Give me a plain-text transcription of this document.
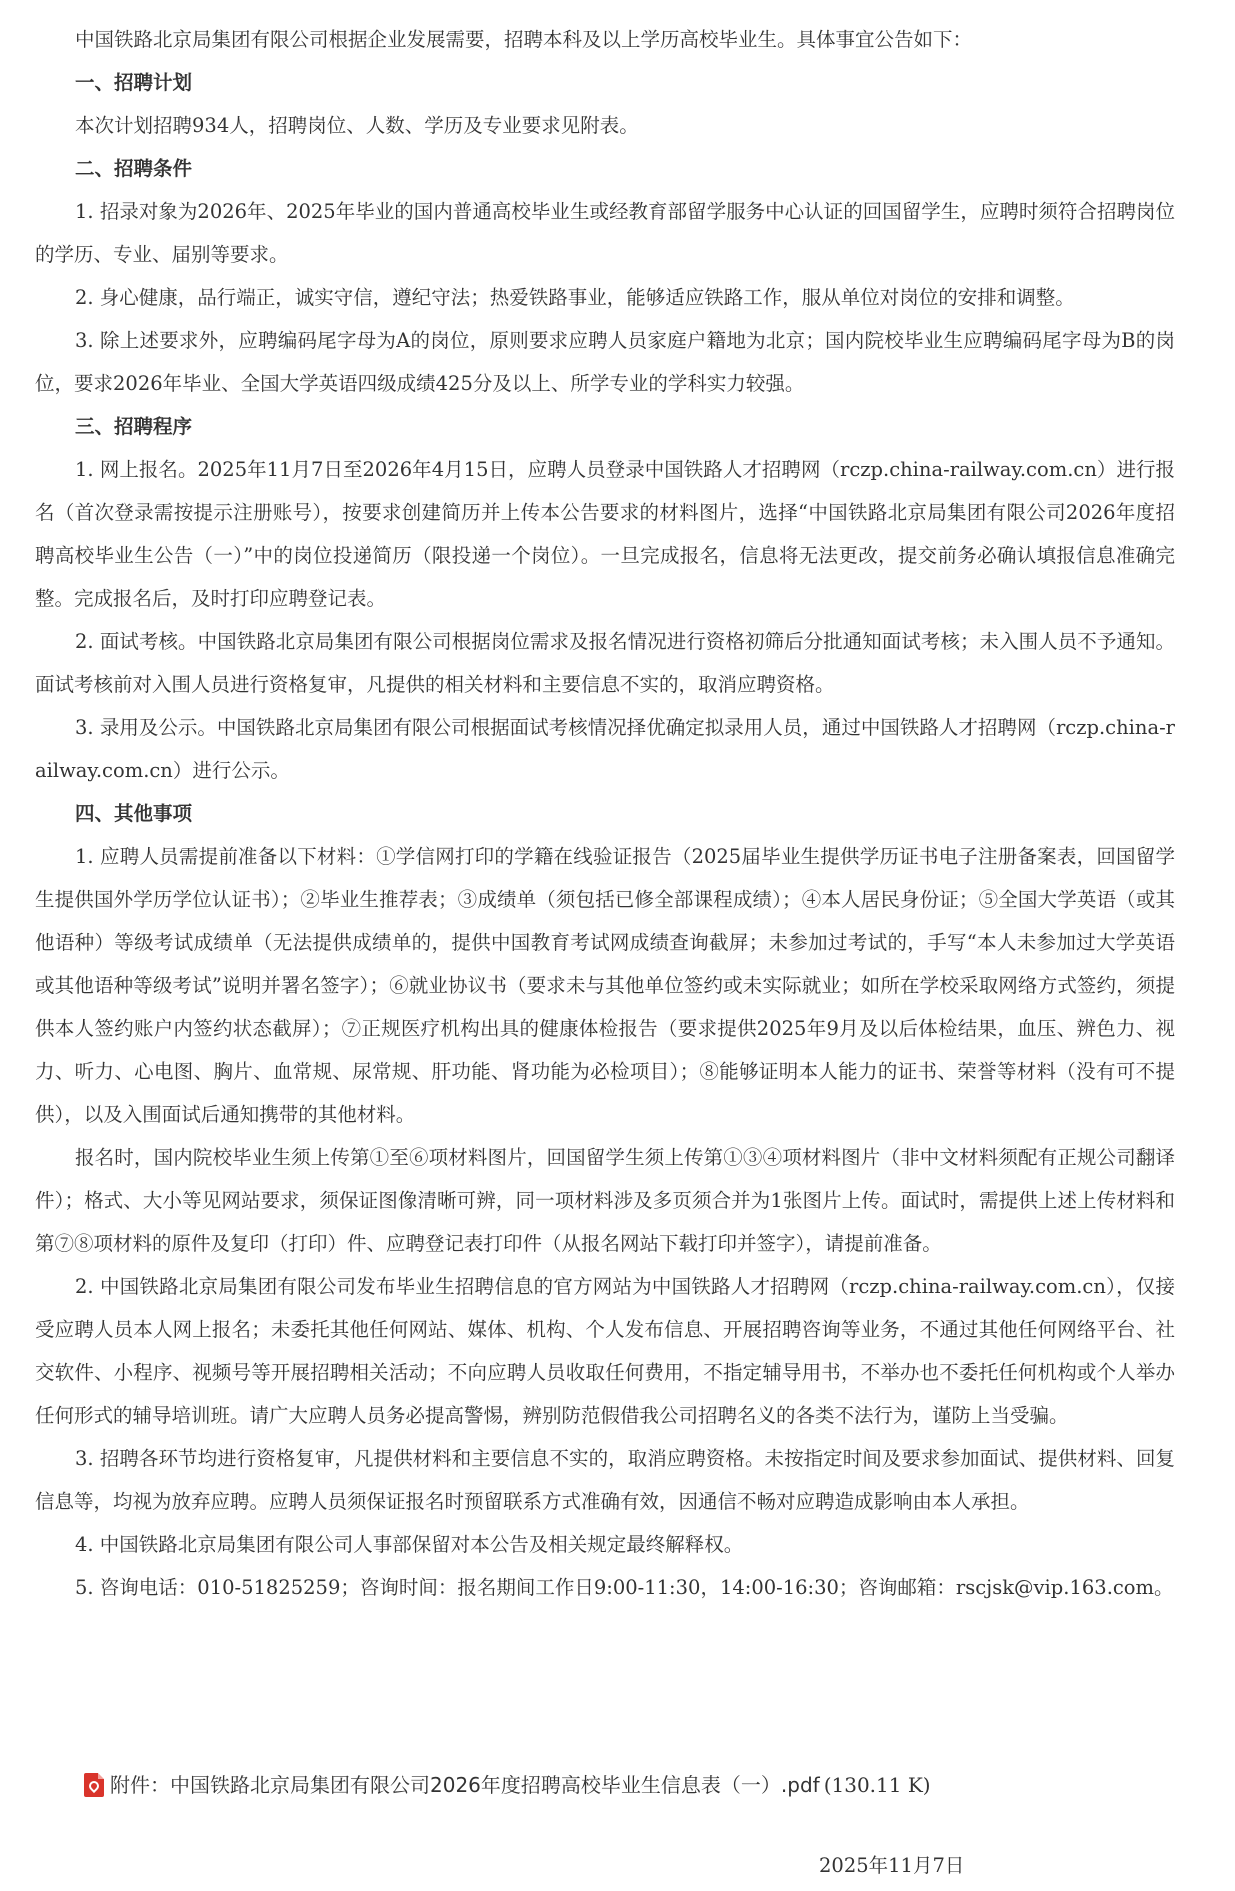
中国铁路北京局集团有限公司根据企业发展需要，招聘本科及以上学历高校毕业生。具体事宜公告如下：

一、招聘计划

本次计划招聘934人，招聘岗位、人数、学历及专业要求见附表。

二、招聘条件

1. 招录对象为2026年、2025年毕业的国内普通高校毕业生或经教育部留学服务中心认证的回国留学生，应聘时须符合招聘岗位的学历、专业、届别等要求。

2. 身心健康，品行端正，诚实守信，遵纪守法；热爱铁路事业，能够适应铁路工作，服从单位对岗位的安排和调整。

3. 除上述要求外，应聘编码尾字母为A的岗位，原则要求应聘人员家庭户籍地为北京；国内院校毕业生应聘编码尾字母为B的岗位，要求2026年毕业、全国大学英语四级成绩425分及以上、所学专业的学科实力较强。

三、招聘程序

1. 网上报名。2025年11月7日至2026年4月15日，应聘人员登录中国铁路人才招聘网（rczp.china-railway.com.cn）进行报名（首次登录需按提示注册账号），按要求创建简历并上传本公告要求的材料图片，选择“中国铁路北京局集团有限公司2026年度招聘高校毕业生公告（一）”中的岗位投递简历（限投递一个岗位）。一旦完成报名，信息将无法更改，提交前务必确认填报信息准确完整。完成报名后，及时打印应聘登记表。

2. 面试考核。中国铁路北京局集团有限公司根据岗位需求及报名情况进行资格初筛后分批通知面试考核；未入围人员不予通知。面试考核前对入围人员进行资格复审，凡提供的相关材料和主要信息不实的，取消应聘资格。

3. 录用及公示。中国铁路北京局集团有限公司根据面试考核情况择优确定拟录用人员，通过中国铁路人才招聘网（rczp.china-railway.com.cn）进行公示。

四、其他事项

1. 应聘人员需提前准备以下材料：①学信网打印的学籍在线验证报告（2025届毕业生提供学历证书电子注册备案表，回国留学生提供国外学历学位认证书）；②毕业生推荐表；③成绩单（须包括已修全部课程成绩）；④本人居民身份证；⑤全国大学英语（或其他语种）等级考试成绩单（无法提供成绩单的，提供中国教育考试网成绩查询截屏；未参加过考试的，手写“本人未参加过大学英语或其他语种等级考试”说明并署名签字）；⑥就业协议书（要求未与其他单位签约或未实际就业；如所在学校采取网络方式签约，须提供本人签约账户内签约状态截屏）；⑦正规医疗机构出具的健康体检报告（要求提供2025年9月及以后体检结果，血压、辨色力、视力、听力、心电图、胸片、血常规、尿常规、肝功能、肾功能为必检项目）；⑧能够证明本人能力的证书、荣誉等材料（没有可不提供），以及入围面试后通知携带的其他材料。

报名时，国内院校毕业生须上传第①至⑥项材料图片，回国留学生须上传第①③④项材料图片（非中文材料须配有正规公司翻译件）；格式、大小等见网站要求，须保证图像清晰可辨，同一项材料涉及多页须合并为1张图片上传。面试时，需提供上述上传材料和第⑦⑧项材料的原件及复印（打印）件、应聘登记表打印件（从报名网站下载打印并签字），请提前准备。

2. 中国铁路北京局集团有限公司发布毕业生招聘信息的官方网站为中国铁路人才招聘网（rczp.china-railway.com.cn），仅接受应聘人员本人网上报名；未委托其他任何网站、媒体、机构、个人发布信息、开展招聘咨询等业务，不通过其他任何网络平台、社交软件、小程序、视频号等开展招聘相关活动；不向应聘人员收取任何费用，不指定辅导用书，不举办也不委托任何机构或个人举办任何形式的辅导培训班。请广大应聘人员务必提高警惕，辨别防范假借我公司招聘名义的各类不法行为，谨防上当受骗。

3. 招聘各环节均进行资格复审，凡提供材料和主要信息不实的，取消应聘资格。未按指定时间及要求参加面试、提供材料、回复信息等，均视为放弃应聘。应聘人员须保证报名时预留联系方式准确有效，因通信不畅对应聘造成影响由本人承担。

4. 中国铁路北京局集团有限公司人事部保留对本公告及相关规定最终解释权。

5. 咨询电话：010-51825259；咨询时间：报名期间工作日9:00-11:30，14:00-16:30；咨询邮箱：rscjsk@vip.163.com。

附件：中国铁路北京局集团有限公司2026年度招聘高校毕业生信息表（一）.pdf (130.11 K)
2025年11月7日
